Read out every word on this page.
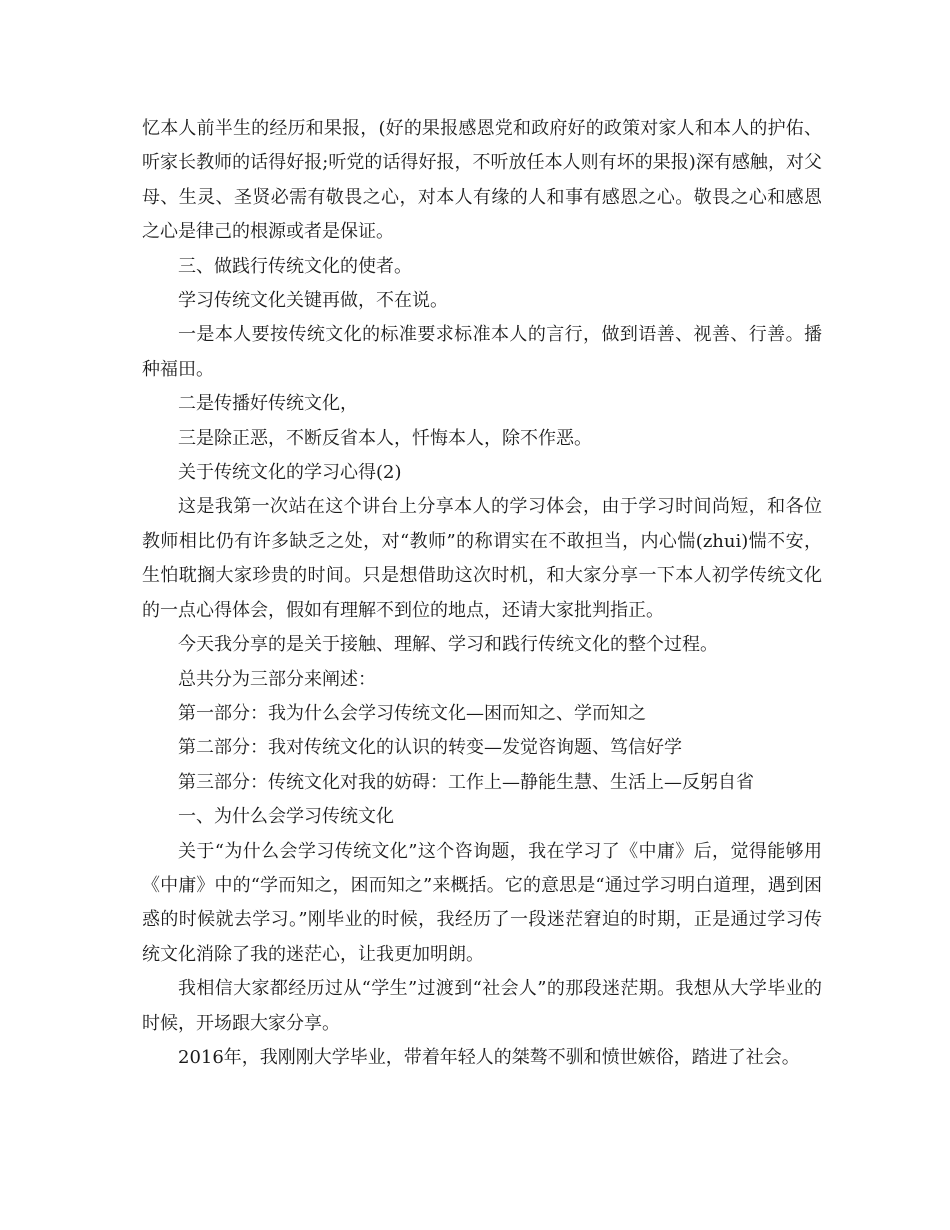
忆本人前半生的经历和果报，(好的果报感恩党和政府好的政策对家人和本人的护佑、听家长教师的话得好报;听党的话得好报，不听放任本人则有坏的果报)深有感触，对父母、生灵、圣贤必需有敬畏之心，对本人有缘的人和事有感恩之心。敬畏之心和感恩之心是律己的根源或者是保证。

三、做践行传统文化的使者。

学习传统文化关键再做，不在说。

一是本人要按传统文化的标准要求标准本人的言行，做到语善、视善、行善。播种福田。

二是传播好传统文化，

三是除正恶，不断反省本人，忏悔本人，除不作恶。

关于传统文化的学习心得(2)

这是我第一次站在这个讲台上分享本人的学习体会，由于学习时间尚短，和各位教师相比仍有许多缺乏之处，对“教师”的称谓实在不敢担当，内心惴(zhui)惴不安，生怕耽搁大家珍贵的时间。只是想借助这次时机，和大家分享一下本人初学传统文化的一点心得体会，假如有理解不到位的地点，还请大家批判指正。

今天我分享的是关于接触、理解、学习和践行传统文化的整个过程。

总共分为三部分来阐述：

第一部分：我为什么会学习传统文化—困而知之、学而知之

第二部分：我对传统文化的认识的转变—发觉咨询题、笃信好学

第三部分：传统文化对我的妨碍：工作上—静能生慧、生活上—反躬自省

一、为什么会学习传统文化

关于“为什么会学习传统文化”这个咨询题，我在学习了《中庸》后，觉得能够用《中庸》中的“学而知之，困而知之”来概括。它的意思是“通过学习明白道理，遇到困惑的时候就去学习。”刚毕业的时候，我经历了一段迷茫窘迫的时期，正是通过学习传统文化消除了我的迷茫心，让我更加明朗。

我相信大家都经历过从“学生”过渡到“社会人”的那段迷茫期。我想从大学毕业的时候，开场跟大家分享。

2016年，我刚刚大学毕业，带着年轻人的桀骜不驯和愤世嫉俗，踏进了社会。
